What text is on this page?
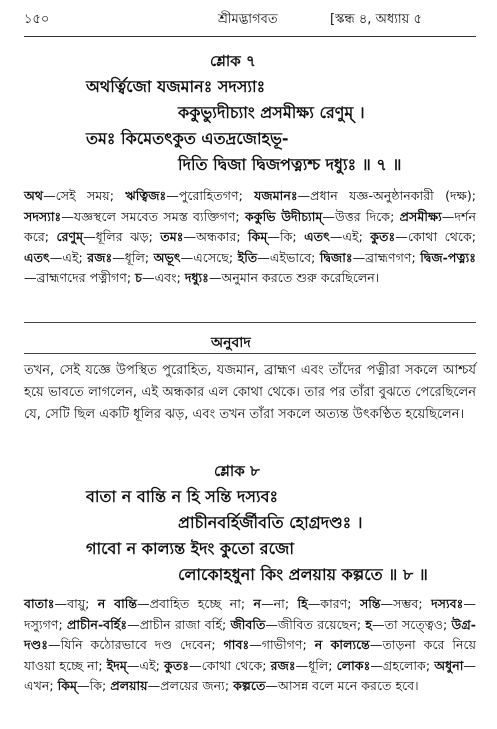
১৫০	শ্রীমদ্ভাগবত	[স্কন্ধ ৪, অধ্যায় ৫
শ্লোক ৭
অথর্ত্বিজো যজমানঃ সদস্যাঃ
ককুভ্যুদীচ্যাং প্রসমীক্ষ্য রেণুম্ ।
তমঃ কিমেতৎকুত এতদ্রজোহভূ-
দিতি দ্বিজা দ্বিজপত্ন্যশ্চ দধ্যুঃ ॥ ৭ ॥
অথ—সেই সময়; ঋত্বিজঃ—পুরোহিতগণ; যজমানঃ—প্রধান যজ্ঞ-অনুষ্ঠানকারী (দক্ষ); সদস্যাঃ—যজ্ঞস্থলে সমবেত সমস্ত ব্যক্তিগণ; ককুভি উদীচ্যাম্—উত্তর দিকে; প্রসমীক্ষ্য—দর্শন করে; রেণুম্—ধূলির ঝড়; তমঃ—অন্ধকার; কিম্—কি; এতৎ—এই; কুতঃ—কোথা থেকে; এতৎ—এই; রজঃ—ধূলি; অভূৎ—এসেছে; ইতি—এইভাবে; দ্বিজাঃ—ব্রাহ্মণগণ; দ্বিজ-পত্ন্যঃ—ব্রাহ্মণদের পত্নীগণ; চ—এবং; দধ্যুঃ—অনুমান করতে শুরু করেছিলেন।
অনুবাদ
তখন, সেই যজ্ঞে উপস্থিত পুরোহিত, যজমান, ব্রাহ্মণ এবং তাঁদের পত্নীরা সকলে আশ্চর্য হয়ে ভাবতে লাগলেন, এই অন্ধকার এল কোথা থেকে। তার পর তাঁরা বুঝতে পেরেছিলেন যে, সেটি ছিল একটি ধূলির ঝড়, এবং তখন তাঁরা সকলে অত্যন্ত উৎকণ্ঠিত হয়েছিলেন।
শ্লোক ৮
বাতা ন বান্তি ন হি সন্তি দস্যবঃ
প্রাচীনবর্হির্জীবতি হোগ্রদণ্ডঃ ।
গাবো ন কাল্যন্ত ইদং কুতো রজো
লোকোহধুনা কিং প্রলয়ায় কল্পতে ॥ ৮ ॥
বাতাঃ—বায়ু; ন বান্তি—প্রবাহিত হচ্ছে না; ন—না; হি—কারণ; সন্তি—সম্ভব; দস্যবঃ—দস্যুগণ; প্রাচীন-বর্হিঃ—প্রাচীন রাজা বর্হি; জীবতি—জীবিত রয়েছেন; হ—তা সত্ত্বেও; উগ্র-দণ্ডঃ—যিনি কঠোরভাবে দণ্ড দেবেন; গাবঃ—গাভীগণ; ন কাল্যন্তে—তাড়না করে নিয়ে যাওয়া হচ্ছে না; ইদম্—এই; কুতঃ—কোথা থেকে; রজঃ—ধূলি; লোকঃ—গ্রহলোক; অধুনা—এখন; কিম্—কি; প্রলয়ায়—প্রলয়ের জন্য; কল্পতে—আসন্ন বলে মনে করতে হবে।
